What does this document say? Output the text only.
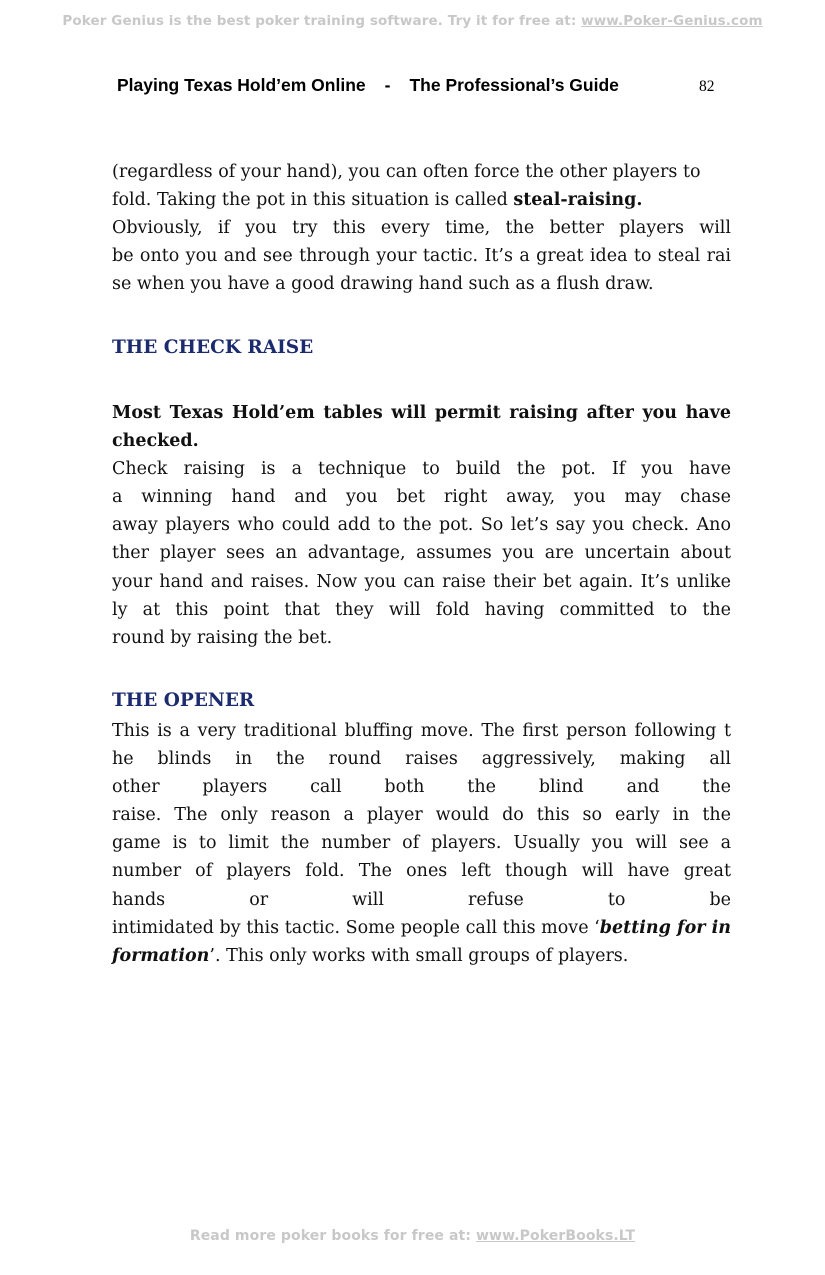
Poker Genius is the best poker training software. Try it for free at: www.Poker-Genius.com
Playing Texas Hold’em Online - The Professional’s Guide	82

(regardless of your hand), you can often force the other players to

fold. Taking the pot in this situation is called steal-raising.

Obviously, if you try this every time, the better players will

be onto you and see through your tactic. It’s a great idea to steal rai

se when you have a good drawing hand such as a flush draw.

THE CHECK RAISE

Most Texas Hold’em tables will permit raising after you have

checked.

Check raising is a technique to build the pot. If you have

a winning hand and you bet right away, you may chase

away players who could add to the pot. So let’s say you check. Ano

ther player sees an advantage, assumes you are uncertain about

your hand and raises. Now you can raise their bet again. It’s unlike

ly at this point that they will fold having committed to the

round by raising the bet.

THE OPENER

This is a very traditional bluffing move. The first person following t

he blinds in the round raises aggressively, making all

other players call both the blind and the

raise. The only reason a player would do this so early in the

game is to limit the number of players. Usually you will see a

number of players fold. The ones left though will have great

hands or will refuse to be

intimidated by this tactic. Some people call this move ‘betting for in

formation’. This only works with small groups of players.

Read more poker books for free at: www.PokerBooks.LT
